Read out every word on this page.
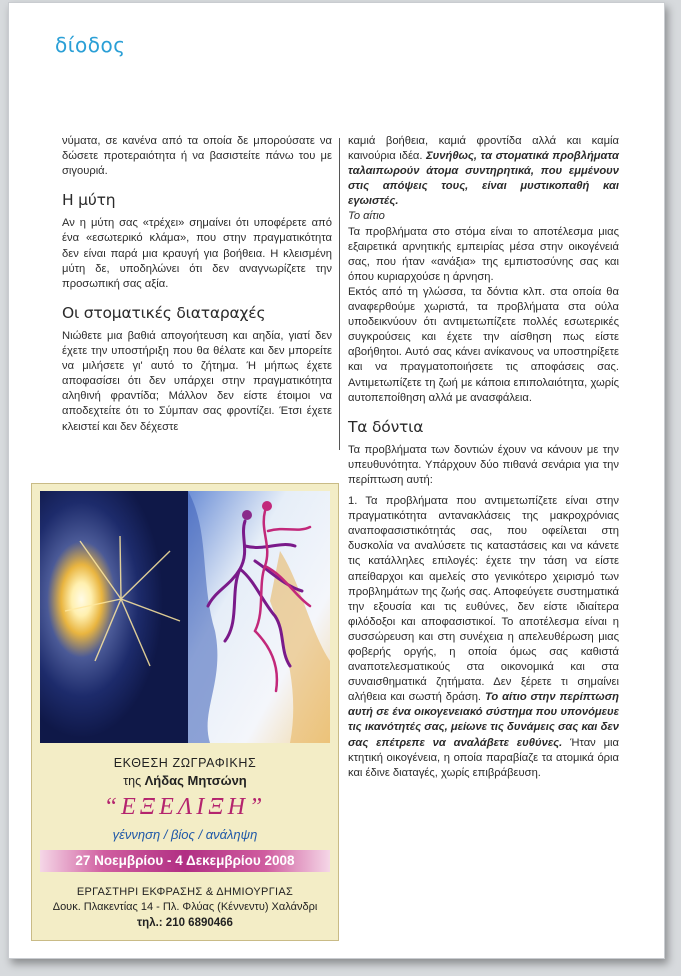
δίοδος

νύματα, σε κανένα από τα οποία δε μπορούσατε να δώσετε προτεραιότητα ή να βασιστείτε πάνω του με σιγουριά.

Η μύτη

Αν η μύτη σας «τρέχει» σημαίνει ότι υποφέρετε από ένα «εσωτερικό κλάμα», που στην πραγματικότητα δεν είναι παρά μια κραυγή για βοήθεια. Η κλεισμένη μύτη δε, υποδηλώνει ότι δεν αναγνωρίζετε την προσωπική σας αξία.

Οι στοματικές διαταραχές

Νιώθετε μια βαθιά απογοήτευση και αηδία, γιατί δεν έχετε την υποστήριξη που θα θέλατε και δεν μπορείτε να μιλήσετε γι' αυτό το ζήτημα. Ή μήπως έχετε αποφασίσει ότι δεν υπάρχει στην πραγματικότητα αληθινή φραντίδα; Μάλλον δεν είστε έτοιμοι να αποδεχτείτε ότι το Σύμπαν σας φροντίζει. Έτσι έχετε κλειστεί και δεν δέχεστε

καμιά βοήθεια, καμιά φροντίδα αλλά και καμία καινούρια ιδέα. Συνήθως, τα στοματικά προβλήματα ταλαιπωρούν άτομα συντηρητικά, που εμμένουν στις απόψεις τους, είναι μυστικοπαθή και εγωιστές.

Το αίτιο

Τα προβλήματα στο στόμα είναι το αποτέλεσμα μιας εξαιρετικά αρνητικής εμπειρίας μέσα στην οικογένειά σας, που ήταν «ανάξια» της εμπιστοσύνης σας και όπου κυριαρχούσε η άρνηση.

Εκτός από τη γλώσσα, τα δόντια κλπ. στα οποία θα αναφερθούμε χωριστά, τα προβλήματα στα ούλα υποδεικνύουν ότι αντιμετωπίζετε πολλές εσωτερικές συγκρούσεις και έχετε την αίσθηση πως είστε αβοήθητοι. Αυτό σας κάνει ανίκανους να υποστηρίξετε και να πραγματοποιήσετε τις αποφάσεις σας. Αντιμετωπίζετε τη ζωή με κάποια επιπολαιότητα, χωρίς αυτοπεποίθηση αλλά με ανασφάλεια.

Τα δόντια

Τα προβλήματα των δοντιών έχουν να κάνουν με την υπευθυνότητα. Υπάρχουν δύο πιθανά σενάρια για την περίπτωση αυτή:

1. Τα προβλήματα που αντιμετωπίζετε είναι στην πραγματικότητα αντανακλάσεις της μακροχρόνιας αναποφασιστικότητάς σας, που οφείλεται στη δυσκολία να αναλύσετε τις καταστάσεις και να κάνετε τις κατάλληλες επιλογές: έχετε την τάση να είστε απείθαρχοι και αμελείς στο γενικότερο χειρισμό των προβλημάτων της ζωής σας. Αποφεύγετε συστηματικά την εξουσία και τις ευθύνες, δεν είστε ιδιαίτερα φιλόδοξοι και αποφασιστικοί. Το αποτέλεσμα είναι η συσσώρευση και στη συνέχεια η απελευθέρωση μιας φοβερής οργής, η οποία όμως σας καθιστά αναποτελεσματικούς στα οικονομικά και στα συναισθηματικά ζητήματα. Δεν ξέρετε τι σημαίνει αλήθεια και σωστή δράση. Το αίτιο στην περίπτωση αυτή σε ένα οικογενειακό σύστημα που υπονόμευε τις ικανότητές σας, μείωνε τις δυνάμεις σας και δεν σας επέτρεπε να αναλάβετε ευθύνες. Ήταν μια κτητική οικογένεια, η οποία παραβίαζε τα ατομικά όρια και έδινε διαταγές, χωρίς επιβράβευση.

ΕΚΘΕΣΗ ΖΩΓΡΑΦΙΚΗΣ
της Λήδας Μητσώνη
“ΕΞΕΛΙΞΗ”
γέννηση / βίος / ανάληψη
27 Νοεμβρίου - 4 Δεκεμβρίου 2008
ΕΡΓΑΣΤΗΡΙ ΕΚΦΡΑΣΗΣ & ΔΗΜΙΟΥΡΓΙΑΣ
Δουκ. Πλακεντίας 14 - Πλ. Φλύας (Κέννεντυ) Χαλάνδρι
τηλ.: 210 6890466
